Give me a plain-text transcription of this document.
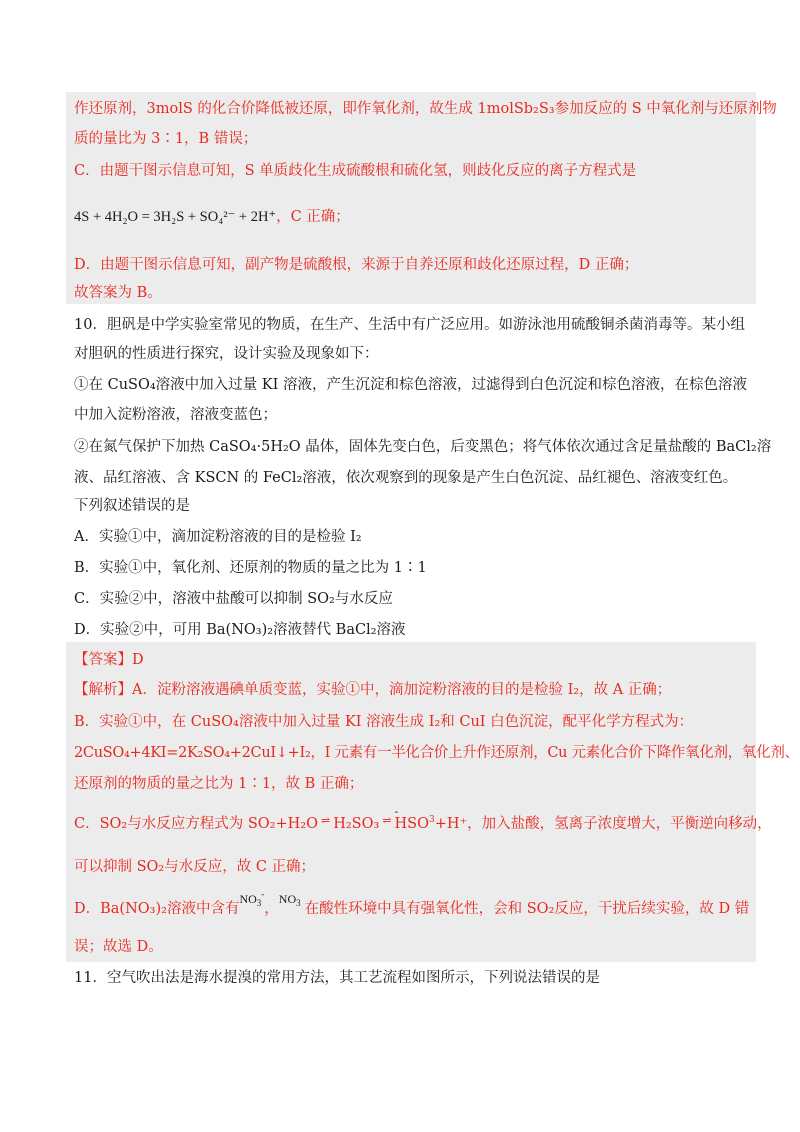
作还原剂，3molS 的化合价降低被还原，即作氧化剂，故生成 1molSb₂S₃参加反应的 S 中氧化剂与还原剂物
质的量比为 3∶1，B 错误；
C．由题干图示信息可知，S 单质歧化生成硫酸根和硫化氢，则歧化反应的离子方程式是
4S + 4H₂O = 3H₂S + SO₄²⁻ + 2H⁺，C 正确；
D．由题干图示信息可知，副产物是硫酸根，来源于自养还原和歧化还原过程，D 正确；
故答案为 B。
10．胆矾是中学实验室常见的物质，在生产、生活中有广泛应用。如游泳池用硫酸铜杀菌消毒等。某小组
对胆矾的性质进行探究，设计实验及现象如下：
①在 CuSO₄溶液中加入过量 KI 溶液，产生沉淀和棕色溶液，过滤得到白色沉淀和棕色溶液，在棕色溶液
中加入淀粉溶液，溶液变蓝色；
②在氮气保护下加热 CaSO₄·5H₂O 晶体，固体先变白色，后变黑色；将气体依次通过含足量盐酸的 BaCl₂溶
液、品红溶液、含 KSCN 的 FeCl₂溶液，依次观察到的现象是产生白色沉淀、品红褪色、溶液变红色。
下列叙述错误的是
A．实验①中，滴加淀粉溶液的目的是检验 I₂
B．实验①中，氧化剂、还原剂的物质的量之比为 1∶1
C．实验②中，溶液中盐酸可以抑制 SO₂与水反应
D．实验②中，可用 Ba(NO₃)₂溶液替代 BaCl₂溶液
【答案】D
【解析】A．淀粉溶液遇碘单质变蓝，实验①中，滴加淀粉溶液的目的是检验 I₂，故 A 正确；
B．实验①中，在 CuSO₄溶液中加入过量 KI 溶液生成 I₂和 CuI 白色沉淀，配平化学方程式为：
2CuSO₄+4KI=2K₂SO₄+2CuI↓+I₂，I 元素有一半化合价上升作还原剂，Cu 元素化合价下降作氧化剂，氧化剂、
还原剂的物质的量之比为 1∶1，故 B 正确；
C．SO₂与水反应方程式为 SO₂+H₂O ⇌ H₂SO₃ ⇌
-
$HSO^3+H^+$，加入盐酸，氢离子浓度增大，平衡逆向移动，
可以抑制 SO₂与水反应，故 C 正确；
D．Ba(NO₃)₂溶液中含有$NO_3^-$，$NO_3$ 在酸性环境中具有强氧化性，会和 SO₂反应，干扰后续实验，故 D 错
误；故选 D。
11．空气吹出法是海水提溴的常用方法，其工艺流程如图所示，下列说法错误的是
